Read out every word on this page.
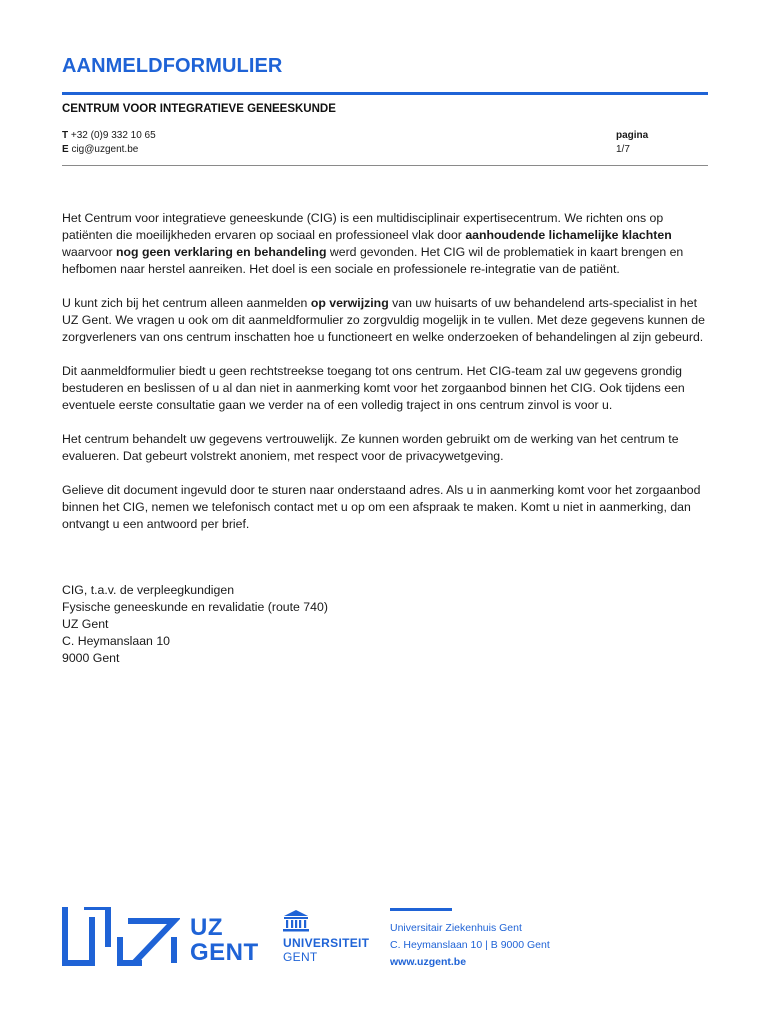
AANMELDFORMULIER
CENTRUM VOOR INTEGRATIEVE GENEESKUNDE
T +32 (0)9 332 10 65
E cig@uzgent.be
pagina
1/7

Het Centrum voor integratieve geneeskunde (CIG) is een multidisciplinair expertisecentrum. We richten ons op patiënten die moeilijkheden ervaren op sociaal en professioneel vlak door aanhoudende lichamelijke klachten waarvoor nog geen verklaring en behandeling werd gevonden. Het CIG wil de problematiek in kaart brengen en hefbomen naar herstel aanreiken. Het doel is een sociale en professionele re-integratie van de patiënt.

U kunt zich bij het centrum alleen aanmelden op verwijzing van uw huisarts of uw behandelend arts-specialist in het UZ Gent. We vragen u ook om dit aanmeldformulier zo zorgvuldig mogelijk in te vullen. Met deze gegevens kunnen de zorgverleners van ons centrum inschatten hoe u functioneert en welke onderzoeken of behandelingen al zijn gebeurd.

Dit aanmeldformulier biedt u geen rechtstreekse toegang tot ons centrum. Het CIG-team zal uw gegevens grondig bestuderen en beslissen of u al dan niet in aanmerking komt voor het zorgaanbod binnen het CIG. Ook tijdens een eventuele eerste consultatie gaan we verder na of een volledig traject in ons centrum zinvol is voor u.

Het centrum behandelt uw gegevens vertrouwelijk. Ze kunnen worden gebruikt om de werking van het centrum te evalueren. Dat gebeurt volstrekt anoniem, met respect voor de privacywetgeving.

Gelieve dit document ingevuld door te sturen naar onderstaand adres. Als u in aanmerking komt voor het zorgaanbod binnen het CIG, nemen we telefonisch contact met u op om een afspraak te maken. Komt u niet in aanmerking, dan ontvangt u een antwoord per brief.

CIG, t.a.v. de verpleegkundigen
Fysische geneeskunde en revalidatie (route 740)
UZ Gent
C. Heymanslaan 10
9000 Gent
UZ
GENT UNIVERSITEIT
GENT
Universitair Ziekenhuis Gent
C. Heymanslaan 10 | B 9000 Gent
www.uzgent.be
